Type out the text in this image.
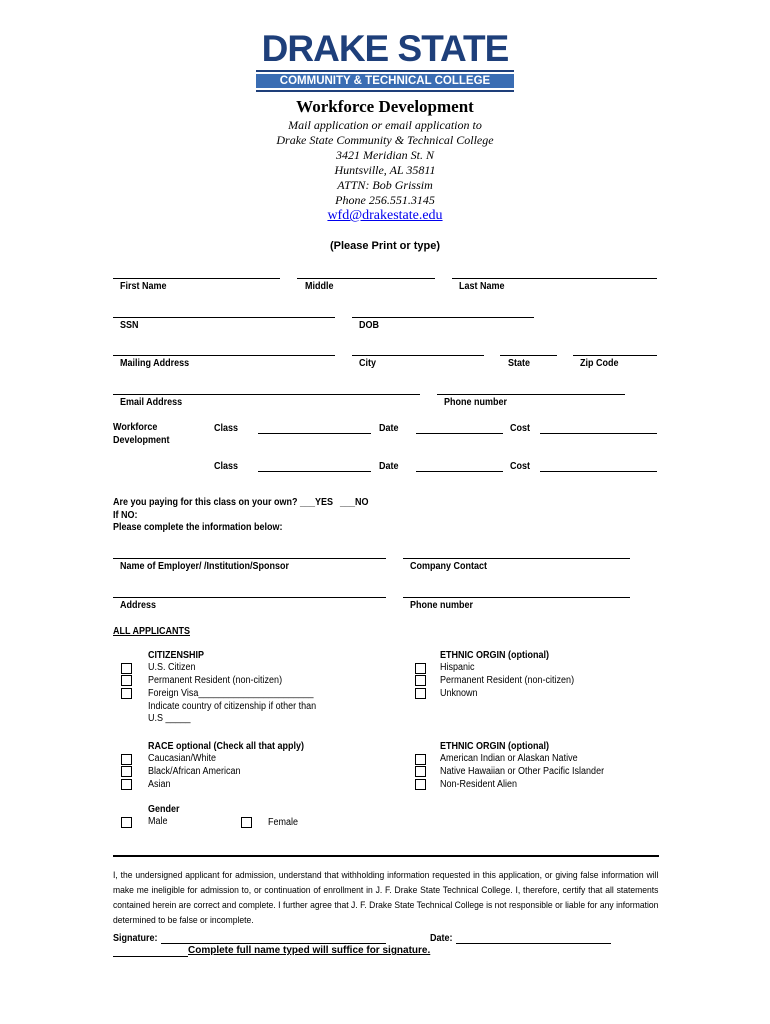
DRAKE STATE
COMMUNITY & TECHNICAL COLLEGE
Workforce Development
Mail application or email application to
Drake State Community & Technical College
3421 Meridian St. N
Huntsville, AL 35811
ATTN: Bob Grissim
Phone 256.551.3145
wfd@drakestate.edu
(Please Print or type)
First Name	Middle	Last Name
SSN	DOB
Mailing Address	City	State	Zip Code
Email Address	Phone number
Workforce
Development
Class	Date	Cost
Class	Date	Cost
Are you paying for this class on your own? ___YES ___NO
If NO:
Please complete the information below:
Name of Employer/ /Institution/Sponsor	Company Contact
Address	Phone number
ALL APPLICANTS
CITIZENSHIP
U.S. Citizen
Permanent Resident (non-citizen)
Foreign Visa_______________________
Indicate country of citizenship if other than
U.S _____
ETHNIC ORGIN (optional)
Hispanic
Permanent Resident (non-citizen)
Unknown
RACE optional (Check all that apply)
Caucasian/White
Black/African American
Asian
ETHNIC ORGIN (optional)
American Indian or Alaskan Native
Native Hawaiian or Other Pacific Islander
Non-Resident Alien
Gender
Male	Female
I, the undersigned applicant for admission, understand that withholding information requested in this application, or giving false information will make me ineligible for admission to, or continuation of enrollment in J. F. Drake State Technical College. I, therefore, certify that all statements contained herein are correct and complete. I further agree that J. F. Drake State Technical College is not responsible or liable for any information determined to be false or incomplete.
Signature:
Complete full name typed will suffice for signature.
Date:
